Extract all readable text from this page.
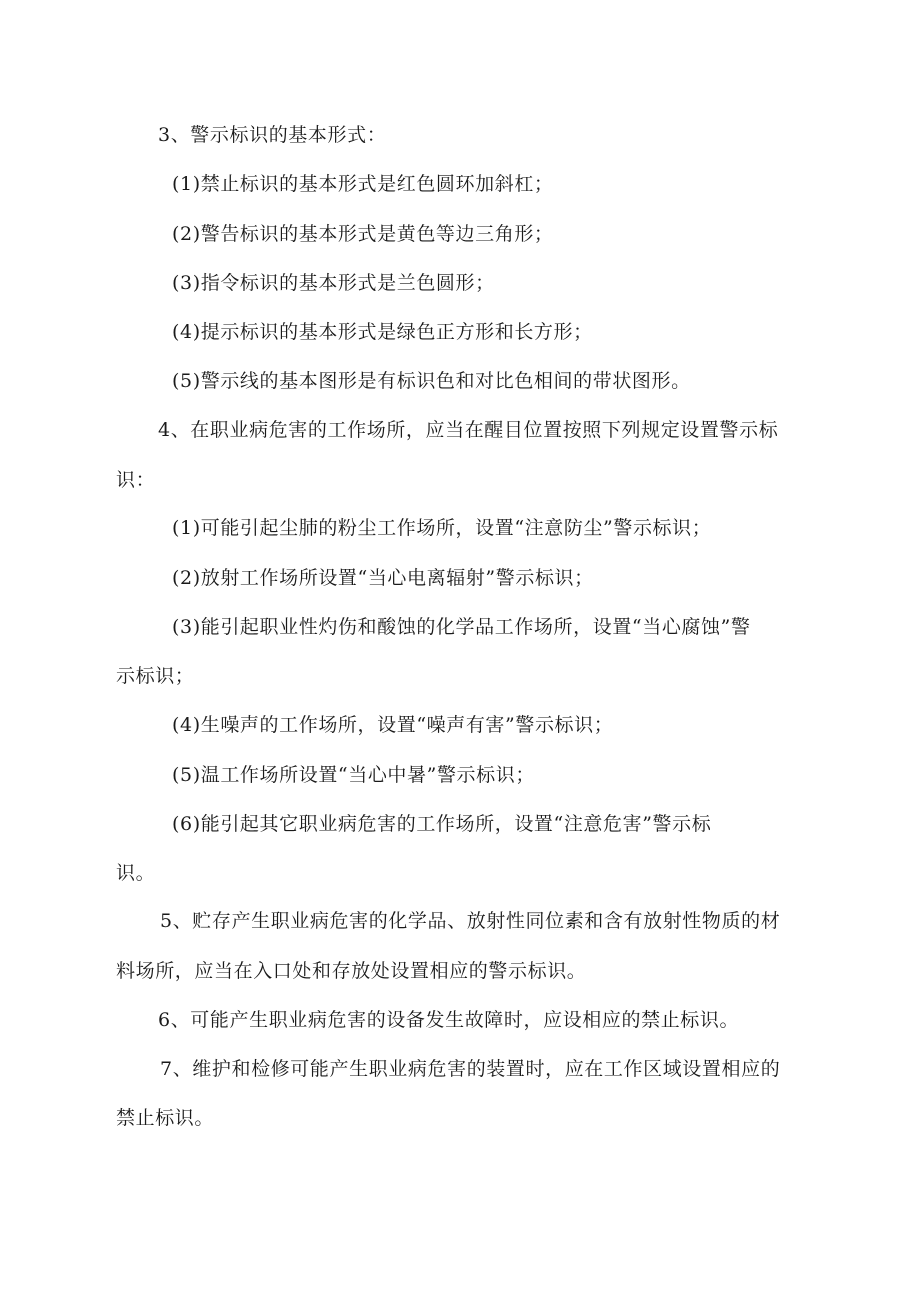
3、警示标识的基本形式：
(1)禁止标识的基本形式是红色圆环加斜杠；
(2)警告标识的基本形式是黄色等边三角形；
(3)指令标识的基本形式是兰色圆形；
(4)提示标识的基本形式是绿色正方形和长方形；
(5)警示线的基本图形是有标识色和对比色相间的带状图形。
4、在职业病危害的工作场所，应当在醒目位置按照下列规定设置警示标
识：
(1)可能引起尘肺的粉尘工作场所，设置“注意防尘”警示标识；
(2)放射工作场所设置“当心电离辐射”警示标识；
(3)能引起职业性灼伤和酸蚀的化学品工作场所，设置“当心腐蚀”警
示标识；
(4)生噪声的工作场所，设置“噪声有害”警示标识；
(5)温工作场所设置“当心中暑”警示标识；
(6)能引起其它职业病危害的工作场所，设置“注意危害”警示标
识。
5、贮存产生职业病危害的化学品、放射性同位素和含有放射性物质的材
料场所，应当在入口处和存放处设置相应的警示标识。
6、可能产生职业病危害的设备发生故障时，应设相应的禁止标识。
7、维护和检修可能产生职业病危害的装置时，应在工作区域设置相应的
禁止标识。
